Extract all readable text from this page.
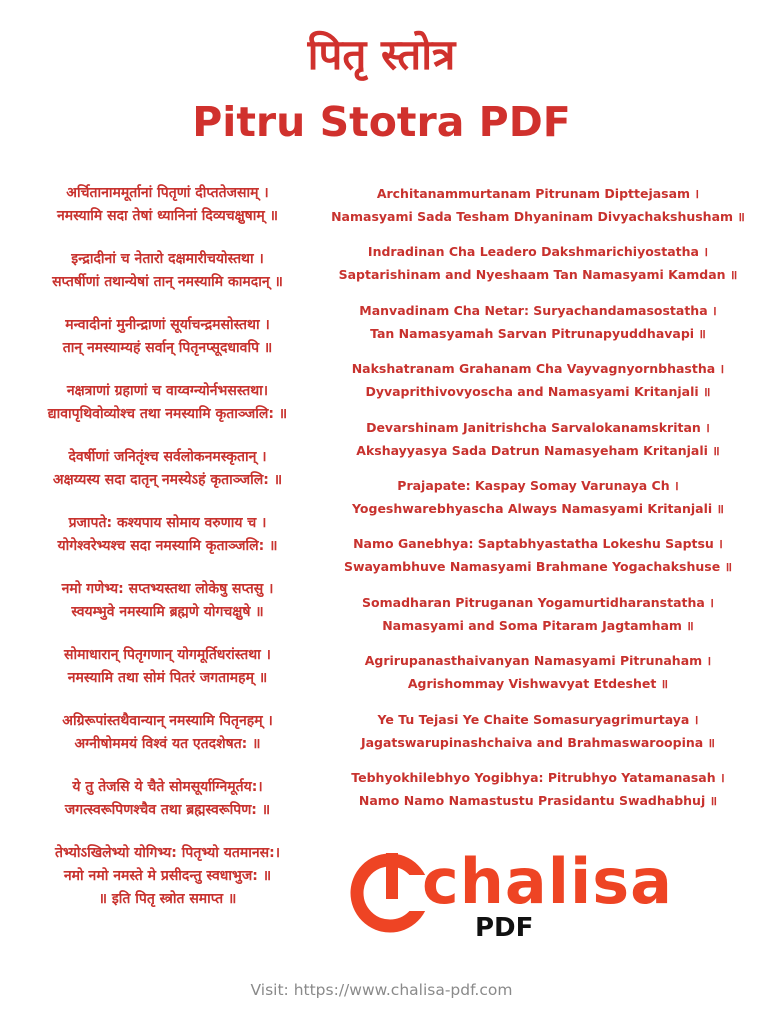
पितृ स्तोत्र
Pitru Stotra PDF
अर्चितानाममूर्तानां पितृणां दीप्ततेजसाम् ।
नमस्यामि सदा तेषां ध्यानिनां दिव्यचक्षुषाम् ॥
इन्द्रादीनां च नेतारो दक्षमारीचयोस्तथा ।
सप्तर्षीणां तथान्येषां तान् नमस्यामि कामदान् ॥
मन्वादीनां मुनीन्द्राणां सूर्याचन्द्रमसोस्तथा ।
तान् नमस्याम्यहं सर्वान् पितृनप्सूदधावपि ॥
नक्षत्राणां ग्रहाणां च वाय्वग्न्योर्नभसस्तथा।
द्यावापृथिवोव्योश्च तथा नमस्यामि कृताञ्जलि: ॥
देवर्षीणां जनितृंश्च सर्वलोकनमस्कृतान् ।
अक्षय्यस्य सदा दातृन् नमस्येऽहं कृताञ्जलि: ॥
प्रजापते: कश्यपाय सोमाय वरुणाय च ।
योगेश्वरेभ्यश्च सदा नमस्यामि कृताञ्जलि: ॥
नमो गणेभ्य: सप्तभ्यस्तथा लोकेषु सप्तसु ।
स्वयम्भुवे नमस्यामि ब्रह्मणे योगचक्षुषे ॥
सोमाधारान् पितृगणान् योगमूर्तिधरांस्तथा ।
नमस्यामि तथा सोमं पितरं जगतामहम् ॥
अग्रिरूपांस्तथैवान्यान् नमस्यामि पितृनहम् ।
अग्नीषोममयं विश्वं यत एतदशेषत: ॥
ये तु तेजसि ये चैते सोमसूर्याग्निमूर्तय:।
जगत्स्वरूपिणश्चैव तथा ब्रह्मस्वरूपिण: ॥
तेभ्योऽखिलेभ्यो योगिभ्य: पितृभ्यो यतमानस:।
नमो नमो नमस्ते मे प्रसीदन्तु स्वधाभुज: ॥
॥ इति पितृ स्त्रोत समाप्त ॥
Architanammurtanam Pitrunam Dipttejasam ।
Namasyami Sada Tesham Dhyaninam Divyachakshusham ॥
Indradinan Cha Leadero Dakshmarichiyostatha ।
Saptarishinam and Nyeshaam Tan Namasyami Kamdan ॥
Manvadinam Cha Netar: Suryachandamasostatha ।
Tan Namasyamah Sarvan Pitrunapyuddhavapi ॥
Nakshatranam Grahanam Cha Vayvagnyornbhastha ।
Dyvaprithivovyoscha and Namasyami Kritanjali ॥
Devarshinam Janitrishcha Sarvalokanamskritan ।
Akshayyasya Sada Datrun Namasyeham Kritanjali ॥
Prajapate: Kaspay Somay Varunaya Ch ।
Yogeshwarebhyascha Always Namasyami Kritanjali ॥
Namo Ganebhya: Saptabhyastatha Lokeshu Saptsu ।
Swayambhuve Namasyami Brahmane Yogachakshuse ॥
Somadharan Pitruganan Yogamurtidharanstatha ।
Namasyami and Soma Pitaram Jagtamham ॥
Agrirupanasthaivanyan Namasyami Pitrunaham ।
Agrishommay Vishwavyat Etdeshet ॥
Ye Tu Tejasi Ye Chaite Somasuryagrimurtaya ।
Jagatswarupinashchaiva and Brahmaswaroopina ॥
Tebhyokhilebhyo Yogibhya: Pitrubhyo Yatamanasah ।
Namo Namo Namastustu Prasidantu Swadhabhuj ॥
chalisa
PDF
Visit: https://www.chalisa-pdf.com
